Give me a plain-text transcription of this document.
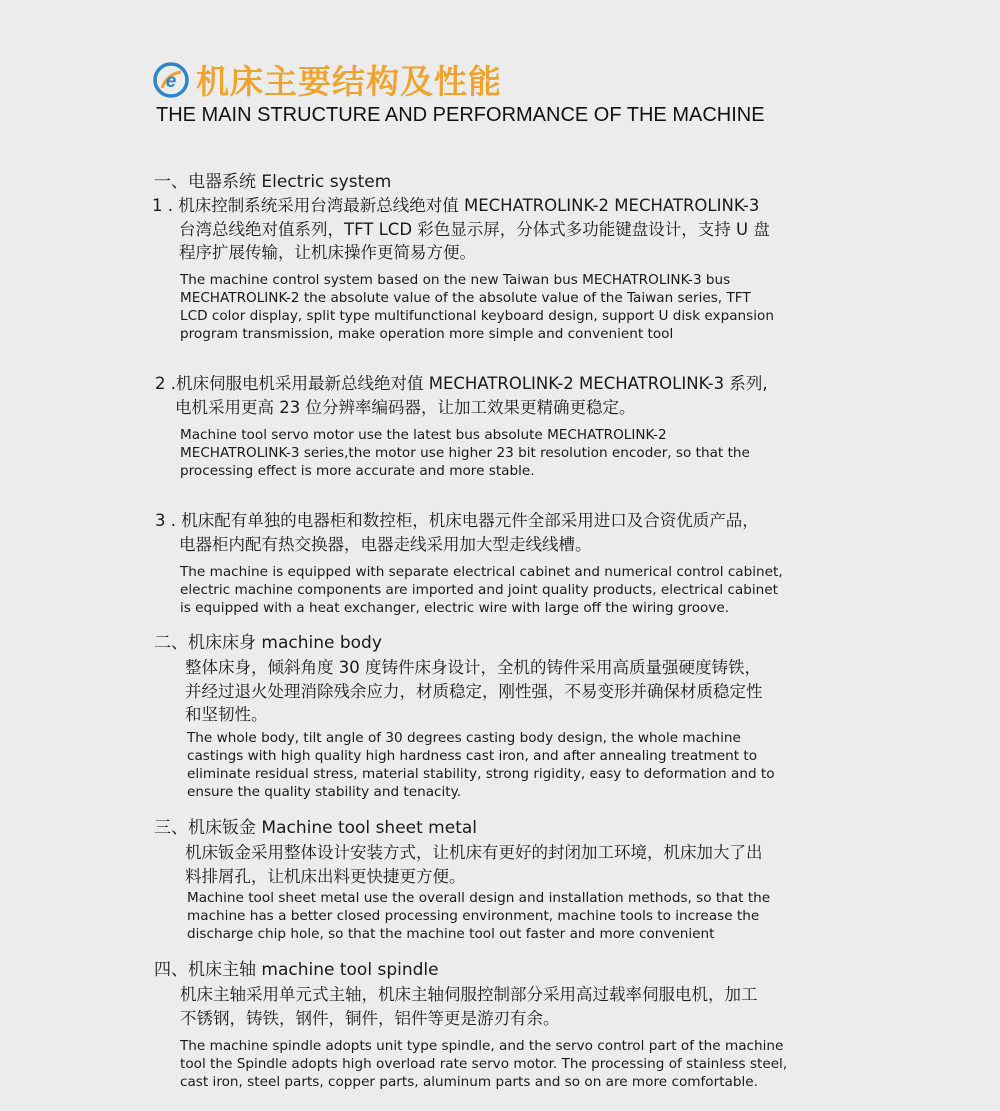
e 机床主要结构及性能
THE MAIN STRUCTURE AND PERFORMANCE OF THE MACHINE
一、电器系统 Electric system
1 . 机床控制系统采用台湾最新总线绝对值 MECHATROLINK-2 MECHATROLINK-3
台湾总线绝对值系列，TFT LCD 彩色显示屏，分体式多功能键盘设计，支持 U 盘
程序扩展传输，让机床操作更简易方便。
The machine control system based on the new Taiwan bus MECHATROLINK-3 bus
MECHATROLINK-2 the absolute value of the absolute value of the Taiwan series, TFT
LCD color display, split type multifunctional keyboard design, support U disk expansion
program transmission, make operation more simple and convenient tool
2 .机床伺服电机采用最新总线绝对值 MECHATROLINK-2 MECHATROLINK-3 系列,
电机采用更高 23 位分辨率编码器，让加工效果更精确更稳定。
Machine tool servo motor use the latest bus absolute MECHATROLINK-2
MECHATROLINK-3 series,the motor use higher 23 bit resolution encoder, so that the
processing effect is more accurate and more stable.
3 . 机床配有单独的电器柜和数控柜，机床电器元件全部采用进口及合资优质产品，
电器柜内配有热交换器，电器走线采用加大型走线线槽。
The machine is equipped with separate electrical cabinet and numerical control cabinet,
electric machine components are imported and joint quality products, electrical cabinet
is equipped with a heat exchanger, electric wire with large off the wiring groove.
二、机床床身 machine body
整体床身，倾斜角度 30 度铸件床身设计，全机的铸件采用高质量强硬度铸铁，
并经过退火处理消除残余应力，材质稳定，刚性强，不易变形并确保材质稳定性
和坚韧性。
The whole body, tilt angle of 30 degrees casting body design, the whole machine
castings with high quality high hardness cast iron, and after annealing treatment to
eliminate residual stress, material stability, strong rigidity, easy to deformation and to
ensure the quality stability and tenacity.
三、机床钣金 Machine tool sheet metal
机床钣金采用整体设计安装方式，让机床有更好的封闭加工环境，机床加大了出
料排屑孔，让机床出料更快捷更方便。
Machine tool sheet metal use the overall design and installation methods, so that the
machine has a better closed processing environment, machine tools to increase the
discharge chip hole, so that the machine tool out faster and more convenient
四、机床主轴 machine tool spindle
机床主轴采用单元式主轴，机床主轴伺服控制部分采用高过载率伺服电机，加工
不锈钢，铸铁，钢件，铜件，铝件等更是游刃有余。
The machine spindle adopts unit type spindle, and the servo control part of the machine
tool the Spindle adopts high overload rate servo motor. The processing of stainless steel,
cast iron, steel parts, copper parts, aluminum parts and so on are more comfortable.
